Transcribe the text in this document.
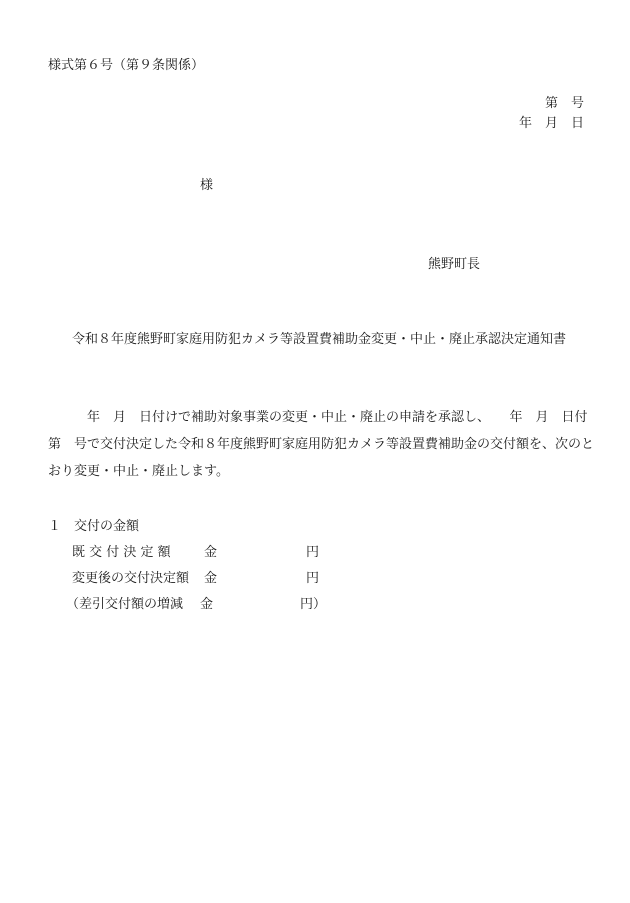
様式第６号（第９条関係）
第　号
年　月　日
様
熊野町長
令和８年度熊野町家庭用防犯カメラ等設置費補助金変更・中止・廃止承認決定通知書
　　　年　月　日付けで補助対象事業の変更・中止・廃止の申請を承認し、　　年　月　日付
第　号で交付決定した令和８年度熊野町家庭用防犯カメラ等設置費補助金の交付額を、次のと
おり変更・中止・廃止します。
１　交付の金額
既 交 付 決 定 額	金	円
変更後の交付決定額 金	円
（差引交付額の増減 金	円）
